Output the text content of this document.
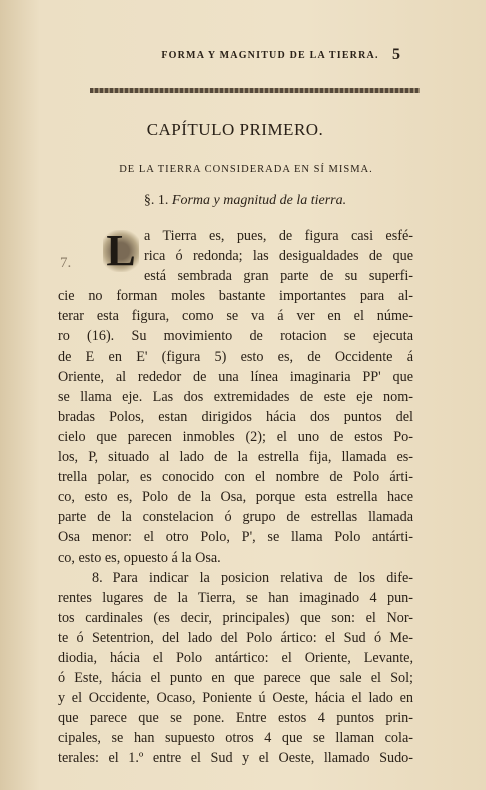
FORMA Y MAGNITUD DE LA TIERRA. 5
CAPÍTULO PRIMERO.
DE LA TIERRA CONSIDERADA EN SÍ MISMA.
§. 1. Forma y magnitud de la tierra.
L
7.
a Tierra es, pues, de figura casi esfé-
rica ó redonda; las desigualdades de que
está sembrada gran parte de su superfi-
cie no forman moles bastante importantes para al-
terar esta figura, como se va á ver en el núme-
ro (16). Su movimiento de rotacion se ejecuta
de E en E' (figura 5) esto es, de Occidente á
Oriente, al rededor de una línea imaginaria PP' que
se llama eje. Las dos extremidades de este eje nom-
bradas Polos, estan dirigidos hácia dos puntos del
cielo que parecen inmobles (2); el uno de estos Po-
los, P, situado al lado de la estrella fija, llamada es-
trella polar, es conocido con el nombre de Polo árti-
co, esto es, Polo de la Osa, porque esta estrella hace
parte de la constelacion ó grupo de estrellas llamada
Osa menor: el otro Polo, P', se llama Polo antárti-
co, esto es, opuesto á la Osa.
8. Para indicar la posicion relativa de los dife-
rentes lugares de la Tierra, se han imaginado 4 pun-
tos cardinales (es decir, principales) que son: el Nor-
te ó Setentrion, del lado del Polo ártico: el Sud ó Me-
diodia, hácia el Polo antártico: el Oriente, Levante,
ó Este, hácia el punto en que parece que sale el Sol;
y el Occidente, Ocaso, Poniente ú Oeste, hácia el lado en
que parece que se pone. Entre estos 4 puntos prin-
cipales, se han supuesto otros 4 que se llaman cola-
terales: el 1.º entre el Sud y el Oeste, llamado Sudo-
